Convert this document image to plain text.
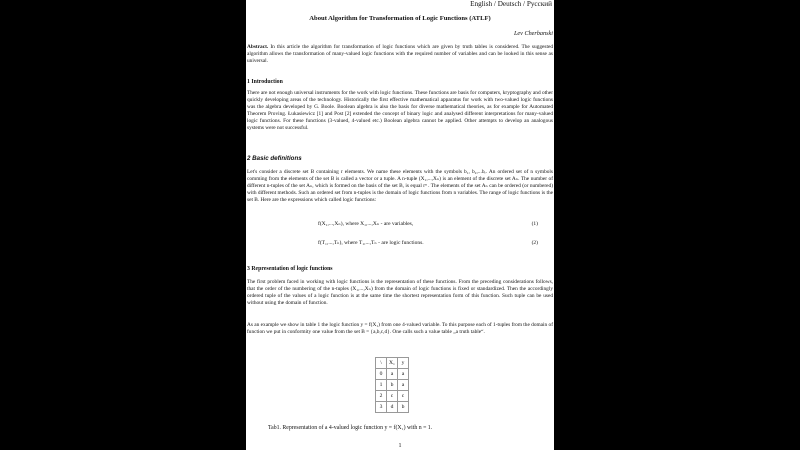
English / Deutsch / Русский
About Algorithm for Transformation of Logic Functions (ATLF)
Lev Cherbanski

Abstract. In this article the algorithm for transformation of logic functions which are given by truth tables is considered. The suggested algorithm allows the transformation of many-valued logic functions with the required number of variables and can be looked in this sense as universal.

1 Introduction

There are not enough universal instruments for the work with logic functions. These functions are basis for computers, kryptography and other quickly developing areas of the technology. Historically the first effective mathematical apparatus for work with two-valued logic functions was the algebra developed by G. Boole. Boolean algebra is also the basis for diverse mathematical theories, as for example for Automated Theorem Proving. Łukasiewicz [1] and Post [2] extended the concept of binary logic and analysed different interpretations for many-valued logic functions. For these functions (3-valued, 4-valued etc.) Boolean algebra cannot be applied. Other attempts to develop an analogous systems were not successful.

2 Basic definitions

Let's consider a discrete set B containing r elements. We name these elements with the symbols b₁, b₂,...bᵣ. An ordered set of n symbols comming from the elements of the set B is called a vector or a tuple. A n-tuple (X₁,...,Xₙ) is an element of the discrete set Aₙ. The number of different n-tuples of the set Aₙ, which is formed on the basis of the set B, is equal rⁿ . The elements of the set Aₙ can be ordered (or numbered) with different methods. Such an ordered set from n-tuples is the domain of logic functions from n variables. The range of logic functions is the set B. Here are the expressions which called logic functions:

f(X₁,...,Xₙ), where X₁,...,Xₙ - are variables,	(1)
f(T₁,...,Tₙ), where T₁,...,Tₙ - are logic functions.	(2)
3 Representation of logic functions

The first problem faced in working with logic functions is the representation of these functions. From the preceding considerations follows, that the order of the numbering of the n-tuples (X₁,...,Xₙ) from the domain of logic functions is fixed or standardized. Then the accordingly ordered tuple of the values of a logic function is at the same time the shortest representation form of this function. Such tuple can be used without using the domain of function.

As an example we show in table 1 the logic function y = f(X₁) from one 4-valued variable. To this purpose each of 1-tuples from the domain of function we put in conformity one value from the set B = {a,b,c,d}. One calls such a value table „a truth table“.

\	X₁	y
0	a	a
1	b	a
2	c	c
3	d	b
Tab1. Representation of a 4-valued logic function y = f(X₁) with n = 1.
1
